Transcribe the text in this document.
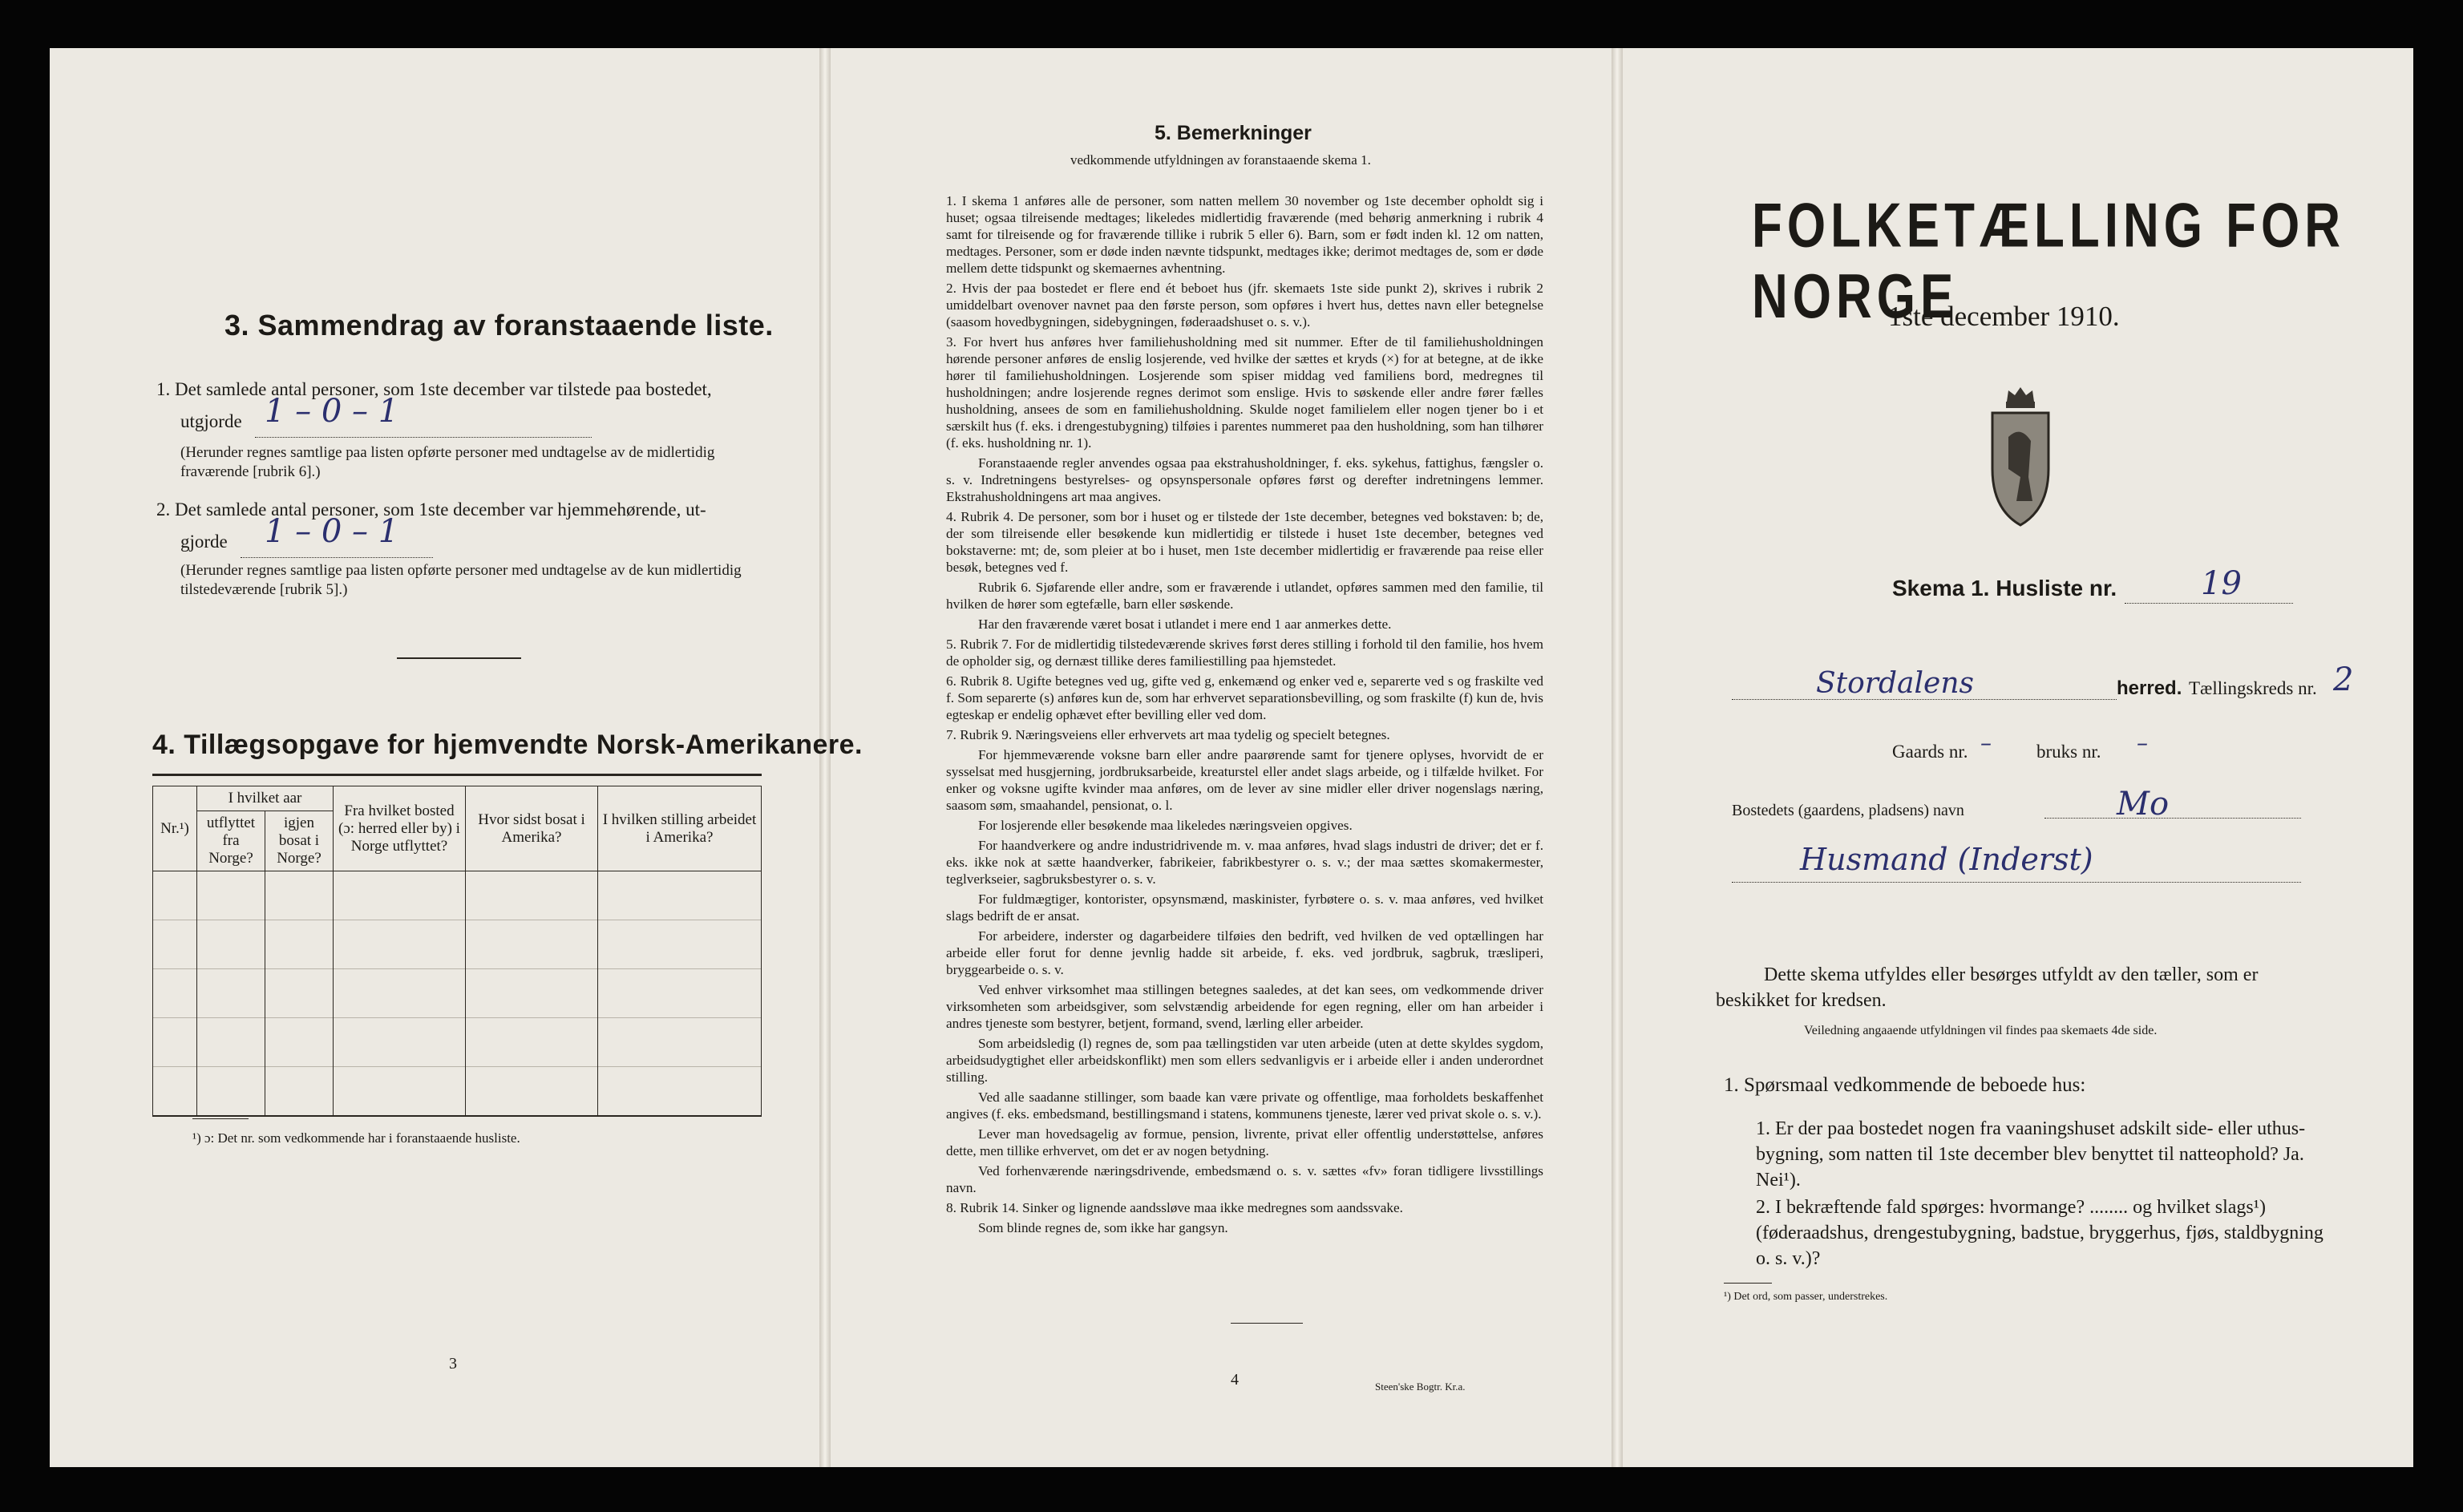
3. Sammendrag av foranstaaende liste.
1. Det samlede antal personer, som 1ste december var tilstede paa bostedet,
utgjorde 1 – 0 – 1
(Herunder regnes samtlige paa listen opførte personer med undtagelse av de midlertidig fraværende [rubrik 6].)
2. Det samlede antal personer, som 1ste december var hjemmehørende, ut-
gjorde 1 – 0 – 1
(Herunder regnes samtlige paa listen opførte personer med undtagelse av de kun midlertidig tilstedeværende [rubrik 5].)
4. Tillægsopgave for hjemvendte Norsk-Amerikanere.
Nr.¹)	I hvilket aar		Fra hvilket bosted (ɔ: herred eller by) i Norge utflyttet?	Hvor sidst bosat i Amerika?	I hvilken stilling arbeidet i Amerika?
	utflyttet fra Norge?	igjen bosat i Norge?			

¹) ɔ: Det nr. som vedkommende har i foranstaaende husliste.
3
5. Bemerkninger
vedkommende utfyldningen av foranstaaende skema 1.

1. I skema 1 anføres alle de personer, som natten mellem 30 november og 1ste december opholdt sig i huset; ogsaa tilreisende medtages; likeledes midlertidig fraværende (med behørig anmerkning i rubrik 4 samt for tilreisende og for fraværende tillike i rubrik 5 eller 6). Barn, som er født inden kl. 12 om natten, medtages. Personer, som er døde inden nævnte tidspunkt, medtages ikke; derimot medtages de, som er døde mellem dette tidspunkt og skemaernes avhentning.

2. Hvis der paa bostedet er flere end ét beboet hus (jfr. skemaets 1ste side punkt 2), skrives i rubrik 2 umiddelbart ovenover navnet paa den første person, som opføres i hvert hus, dettes navn eller betegnelse (saasom hovedbygningen, sidebygningen, føderaadshuset o. s. v.).

3. For hvert hus anføres hver familiehusholdning med sit nummer. Efter de til familiehusholdningen hørende personer anføres de enslig losjerende, ved hvilke der sættes et kryds (×) for at betegne, at de ikke hører til familiehusholdningen. Losjerende som spiser middag ved familiens bord, medregnes til husholdningen; andre losjerende regnes derimot som enslige. Hvis to søskende eller andre fører fælles husholdning, ansees de som en familiehusholdning. Skulde noget familielem eller nogen tjener bo i et særskilt hus (f. eks. i drengestubygning) tilføies i parentes nummeret paa den husholdning, som han tilhører (f. eks. husholdning nr. 1).

Foranstaaende regler anvendes ogsaa paa ekstrahusholdninger, f. eks. sykehus, fattighus, fængsler o. s. v. Indretningens bestyrelses- og opsynspersonale opføres først og derefter indretningens lemmer. Ekstrahusholdningens art maa angives.

4. Rubrik 4. De personer, som bor i huset og er tilstede der 1ste december, betegnes ved bokstaven: b; de, der som tilreisende eller besøkende kun midlertidig er tilstede i huset 1ste december, betegnes ved bokstaverne: mt; de, som pleier at bo i huset, men 1ste december midlertidig er fraværende paa reise eller besøk, betegnes ved f.

Rubrik 6. Sjøfarende eller andre, som er fraværende i utlandet, opføres sammen med den familie, til hvilken de hører som egtefælle, barn eller søskende.

Har den fraværende været bosat i utlandet i mere end 1 aar anmerkes dette.

5. Rubrik 7. For de midlertidig tilstedeværende skrives først deres stilling i forhold til den familie, hos hvem de opholder sig, og dernæst tillike deres familiestilling paa hjemstedet.

6. Rubrik 8. Ugifte betegnes ved ug, gifte ved g, enkemænd og enker ved e, separerte ved s og fraskilte ved f. Som separerte (s) anføres kun de, som har erhvervet separationsbevilling, og som fraskilte (f) kun de, hvis egteskap er endelig ophævet efter bevilling eller ved dom.

7. Rubrik 9. Næringsveiens eller erhvervets art maa tydelig og specielt betegnes.

For hjemmeværende voksne barn eller andre paarørende samt for tjenere oplyses, hvorvidt de er sysselsat med husgjerning, jordbruksarbeide, kreaturstel eller andet slags arbeide, og i tilfælde hvilket. For enker og voksne ugifte kvinder maa anføres, om de lever av sine midler eller driver nogenslags næring, saasom søm, smaahandel, pensionat, o. l.

For losjerende eller besøkende maa likeledes næringsveien opgives.

For haandverkere og andre industridrivende m. v. maa anføres, hvad slags industri de driver; det er f. eks. ikke nok at sætte haandverker, fabrikeier, fabrikbestyrer o. s. v.; der maa sættes skomakermester, teglverkseier, sagbruksbestyrer o. s. v.

For fuldmægtiger, kontorister, opsynsmænd, maskinister, fyrbøtere o. s. v. maa anføres, ved hvilket slags bedrift de er ansat.

For arbeidere, inderster og dagarbeidere tilføies den bedrift, ved hvilken de ved optællingen har arbeide eller forut for denne jevnlig hadde sit arbeide, f. eks. ved jordbruk, sagbruk, træsliperi, bryggearbeide o. s. v.

Ved enhver virksomhet maa stillingen betegnes saaledes, at det kan sees, om vedkommende driver virksomheten som arbeidsgiver, som selvstændig arbeidende for egen regning, eller om han arbeider i andres tjeneste som bestyrer, betjent, formand, svend, lærling eller arbeider.

Som arbeidsledig (l) regnes de, som paa tællingstiden var uten arbeide (uten at dette skyldes sygdom, arbeidsudygtighet eller arbeidskonflikt) men som ellers sedvanligvis er i arbeide eller i anden underordnet stilling.

Ved alle saadanne stillinger, som baade kan være private og offentlige, maa forholdets beskaffenhet angives (f. eks. embedsmand, bestillingsmand i statens, kommunens tjeneste, lærer ved privat skole o. s. v.).

Lever man hovedsagelig av formue, pension, livrente, privat eller offentlig understøttelse, anføres dette, men tillike erhvervet, om det er av nogen betydning.

Ved forhenværende næringsdrivende, embedsmænd o. s. v. sættes «fv» foran tidligere livsstillings navn.

8. Rubrik 14. Sinker og lignende aandssløve maa ikke medregnes som aandssvake.

Som blinde regnes de, som ikke har gangsyn.

4	Steen'ske Bogtr. Kr.a.
FOLKETÆLLING FOR NORGE
1ste december 1910.
Skema 1. Husliste nr.	19
Stordalens	herred. Tællingskreds nr. 2
Gaards nr. – bruks nr. –
Bostedets (gaardens, pladsens) navn	Mo
Husmand (Inderst)
Dette skema utfyldes eller besørges utfyldt av den tæller, som er beskikket for kredsen.
Veiledning angaaende utfyldningen vil findes paa skemaets 4de side.
1. Spørsmaal vedkommende de beboede hus:
1. Er der paa bostedet nogen fra vaaningshuset adskilt side- eller uthus-bygning, som natten til 1ste december blev benyttet til natteophold? Ja. Nei¹).
2. I bekræftende fald spørges: hvormange? ........ og hvilket slags¹) (føderaadshus, drengestubygning, badstue, bryggerhus, fjøs, staldbygning o. s. v.)?
¹) Det ord, som passer, understrekes.
